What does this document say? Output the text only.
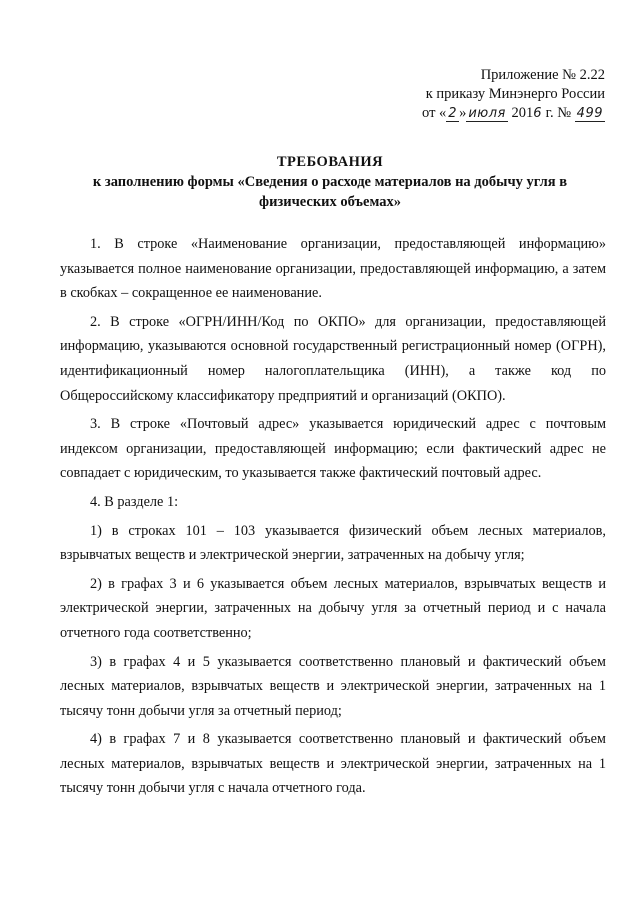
Приложение № 2.22
к приказу Минэнерго России
от « 2 » июля 2016 г. № 499
ТРЕБОВАНИЯ
к заполнению формы «Сведения о расходе материалов на добычу угля в физических объемах»

1. В строке «Наименование организации, предоставляющей информацию» указывается полное наименование организации, предоставляющей информацию, а затем в скобках – сокращенное ее наименование.

2. В строке «ОГРН/ИНН/Код по ОКПО» для организации, предоставляющей информацию, указываются основной государственный регистрационный номер (ОГРН), идентификационный номер налогоплательщика (ИНН), а также код по Общероссийскому классификатору предприятий и организаций (ОКПО).

3. В строке «Почтовый адрес» указывается юридический адрес с почтовым индексом организации, предоставляющей информацию; если фактический адрес не совпадает с юридическим, то указывается также фактический почтовый адрес.

4. В разделе 1:

1) в строках 101 – 103 указывается физический объем лесных материалов, взрывчатых веществ и электрической энергии, затраченных на добычу угля;

2) в графах 3 и 6 указывается объем лесных материалов, взрывчатых веществ и электрической энергии, затраченных на добычу угля за отчетный период и с начала отчетного года соответственно;

3) в графах 4 и 5 указывается соответственно плановый и фактический объем лесных материалов, взрывчатых веществ и электрической энергии, затраченных на 1 тысячу тонн добычи угля за отчетный период;

4) в графах 7 и 8 указывается соответственно плановый и фактический объем лесных материалов, взрывчатых веществ и электрической энергии, затраченных на 1 тысячу тонн добычи угля с начала отчетного года.
